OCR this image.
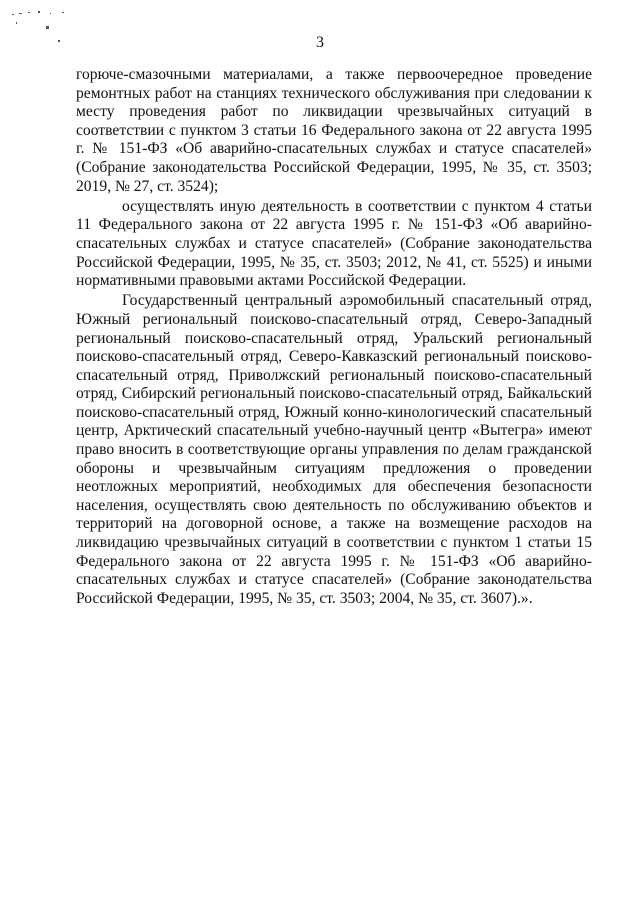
3

горюче-смазочными материалами, а также первоочередное проведение ремонтных работ на станциях технического обслуживания при следовании к месту проведения работ по ликвидации чрезвычайных ситуаций в соответствии с пунктом 3 статьи 16 Федерального закона от 22 августа 1995 г. № 151-ФЗ «Об аварийно-спасательных службах и статусе спасателей» (Собрание законодательства Российской Федерации, 1995, № 35, ст. 3503; 2019, № 27, ст. 3524);

осуществлять иную деятельность в соответствии с пунктом 4 статьи 11 Федерального закона от 22 августа 1995 г. № 151-ФЗ «Об аварийно-спасательных службах и статусе спасателей» (Собрание законодательства Российской Федерации, 1995, № 35, ст. 3503; 2012, № 41, ст. 5525) и иными нормативными правовыми актами Российской Федерации.

Государственный центральный аэромобильный спасательный отряд, Южный региональный поисково-спасательный отряд, Северо-Западный региональный поисково-спасательный отряд, Уральский региональный поисково-спасательный отряд, Северо-Кавказский региональный поисково-спасательный отряд, Приволжский региональный поисково-спасательный отряд, Сибирский региональный поисково-спасательный отряд, Байкальский поисково-спасательный отряд, Южный конно-кинологический спасательный центр, Арктический спасательный учебно-научный центр «Вытегра» имеют право вносить в соответствующие органы управления по делам гражданской обороны и чрезвычайным ситуациям предложения о проведении неотложных мероприятий, необходимых для обеспечения безопасности населения, осуществлять свою деятельность по обслуживанию объектов и территорий на договорной основе, а также на возмещение расходов на ликвидацию чрезвычайных ситуаций в соответствии с пунктом 1 статьи 15 Федерального закона от 22 августа 1995 г. № 151-ФЗ «Об аварийно-спасательных службах и статусе спасателей» (Собрание законодательства Российской Федерации, 1995, № 35, ст. 3503; 2004, № 35, ст. 3607).».
